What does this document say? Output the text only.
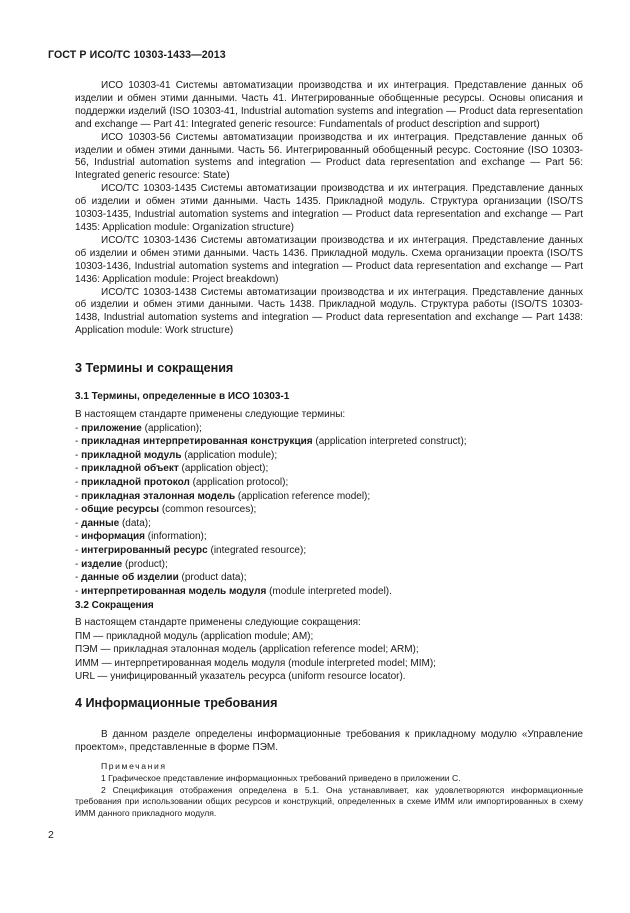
ГОСТ Р ИСО/ТС 10303-1433—2013

ИСО 10303-41 Системы автоматизации производства и их интеграция. Представление данных об изделии и обмен этими данными. Часть 41. Интегрированные обобщенные ресурсы. Основы описания и поддержки изделий (ISO 10303-41, Industrial automation systems and integration — Product data representation and exchange — Part 41: Integrated generic resource: Fundamentals of product description and support)

ИСО 10303-56 Системы автоматизации производства и их интеграция. Представление данных об изделии и обмен этими данными. Часть 56. Интегрированный обобщенный ресурс. Состояние (ISO 10303-56, Industrial automation systems and integration — Product data representation and exchange — Part 56: Integrated generic resource: State)

ИСО/ТС 10303-1435 Системы автоматизации производства и их интеграция. Представление данных об изделии и обмен этими данными. Часть 1435. Прикладной модуль. Структура организации (ISO/TS 10303-1435, Industrial automation systems and integration — Product data representation and exchange — Part 1435: Application module: Organization structure)

ИСО/ТС 10303-1436 Системы автоматизации производства и их интеграция. Представление данных об изделии и обмен этими данными. Часть 1436. Прикладной модуль. Схема организации проекта (ISO/TS 10303-1436, Industrial automation systems and integration — Product data representation and exchange — Part 1436: Application module: Project breakdown)

ИСО/ТС 10303-1438 Системы автоматизации производства и их интеграция. Представление данных об изделии и обмен этими данными. Часть 1438. Прикладной модуль. Структура работы (ISO/TS 10303-1438, Industrial automation systems and integration — Product data representation and exchange — Part 1438: Application module: Work structure)

3 Термины и сокращения
3.1 Термины, определенные в ИСО 10303-1

В настоящем стандарте применены следующие термины:

- приложение (application);

- прикладная интерпретированная конструкция (application interpreted construct);

- прикладной модуль (application module);

- прикладной объект (application object);

- прикладной протокол (application protocol);

- прикладная эталонная модель (application reference model);

- общие ресурсы (common resources);

- данные (data);

- информация (information);

- интегрированный ресурс (integrated resource);

- изделие (product);

- данные об изделии (product data);

- интерпретированная модель модуля (module interpreted model).

3.2 Сокращения

В настоящем стандарте применены следующие сокращения:

ПМ — прикладной модуль (application module; AM);

ПЭМ — прикладная эталонная модель (application reference model; ARM);

ИММ — интерпретированная модель модуля (module interpreted model; MIM);

URL — унифицированный указатель ресурса (uniform resource locator).

4 Информационные требования

В данном разделе определены информационные требования к прикладному модулю «Управление проектом», представленные в форме ПЭМ.

Примечания

1 Графическое представление информационных требований приведено в приложении С.

2 Спецификация отображения определена в 5.1. Она устанавливает, как удовлетворяются информационные требования при использовании общих ресурсов и конструкций, определенных в схеме ИММ или импортированных в схему ИММ данного прикладного модуля.

2
